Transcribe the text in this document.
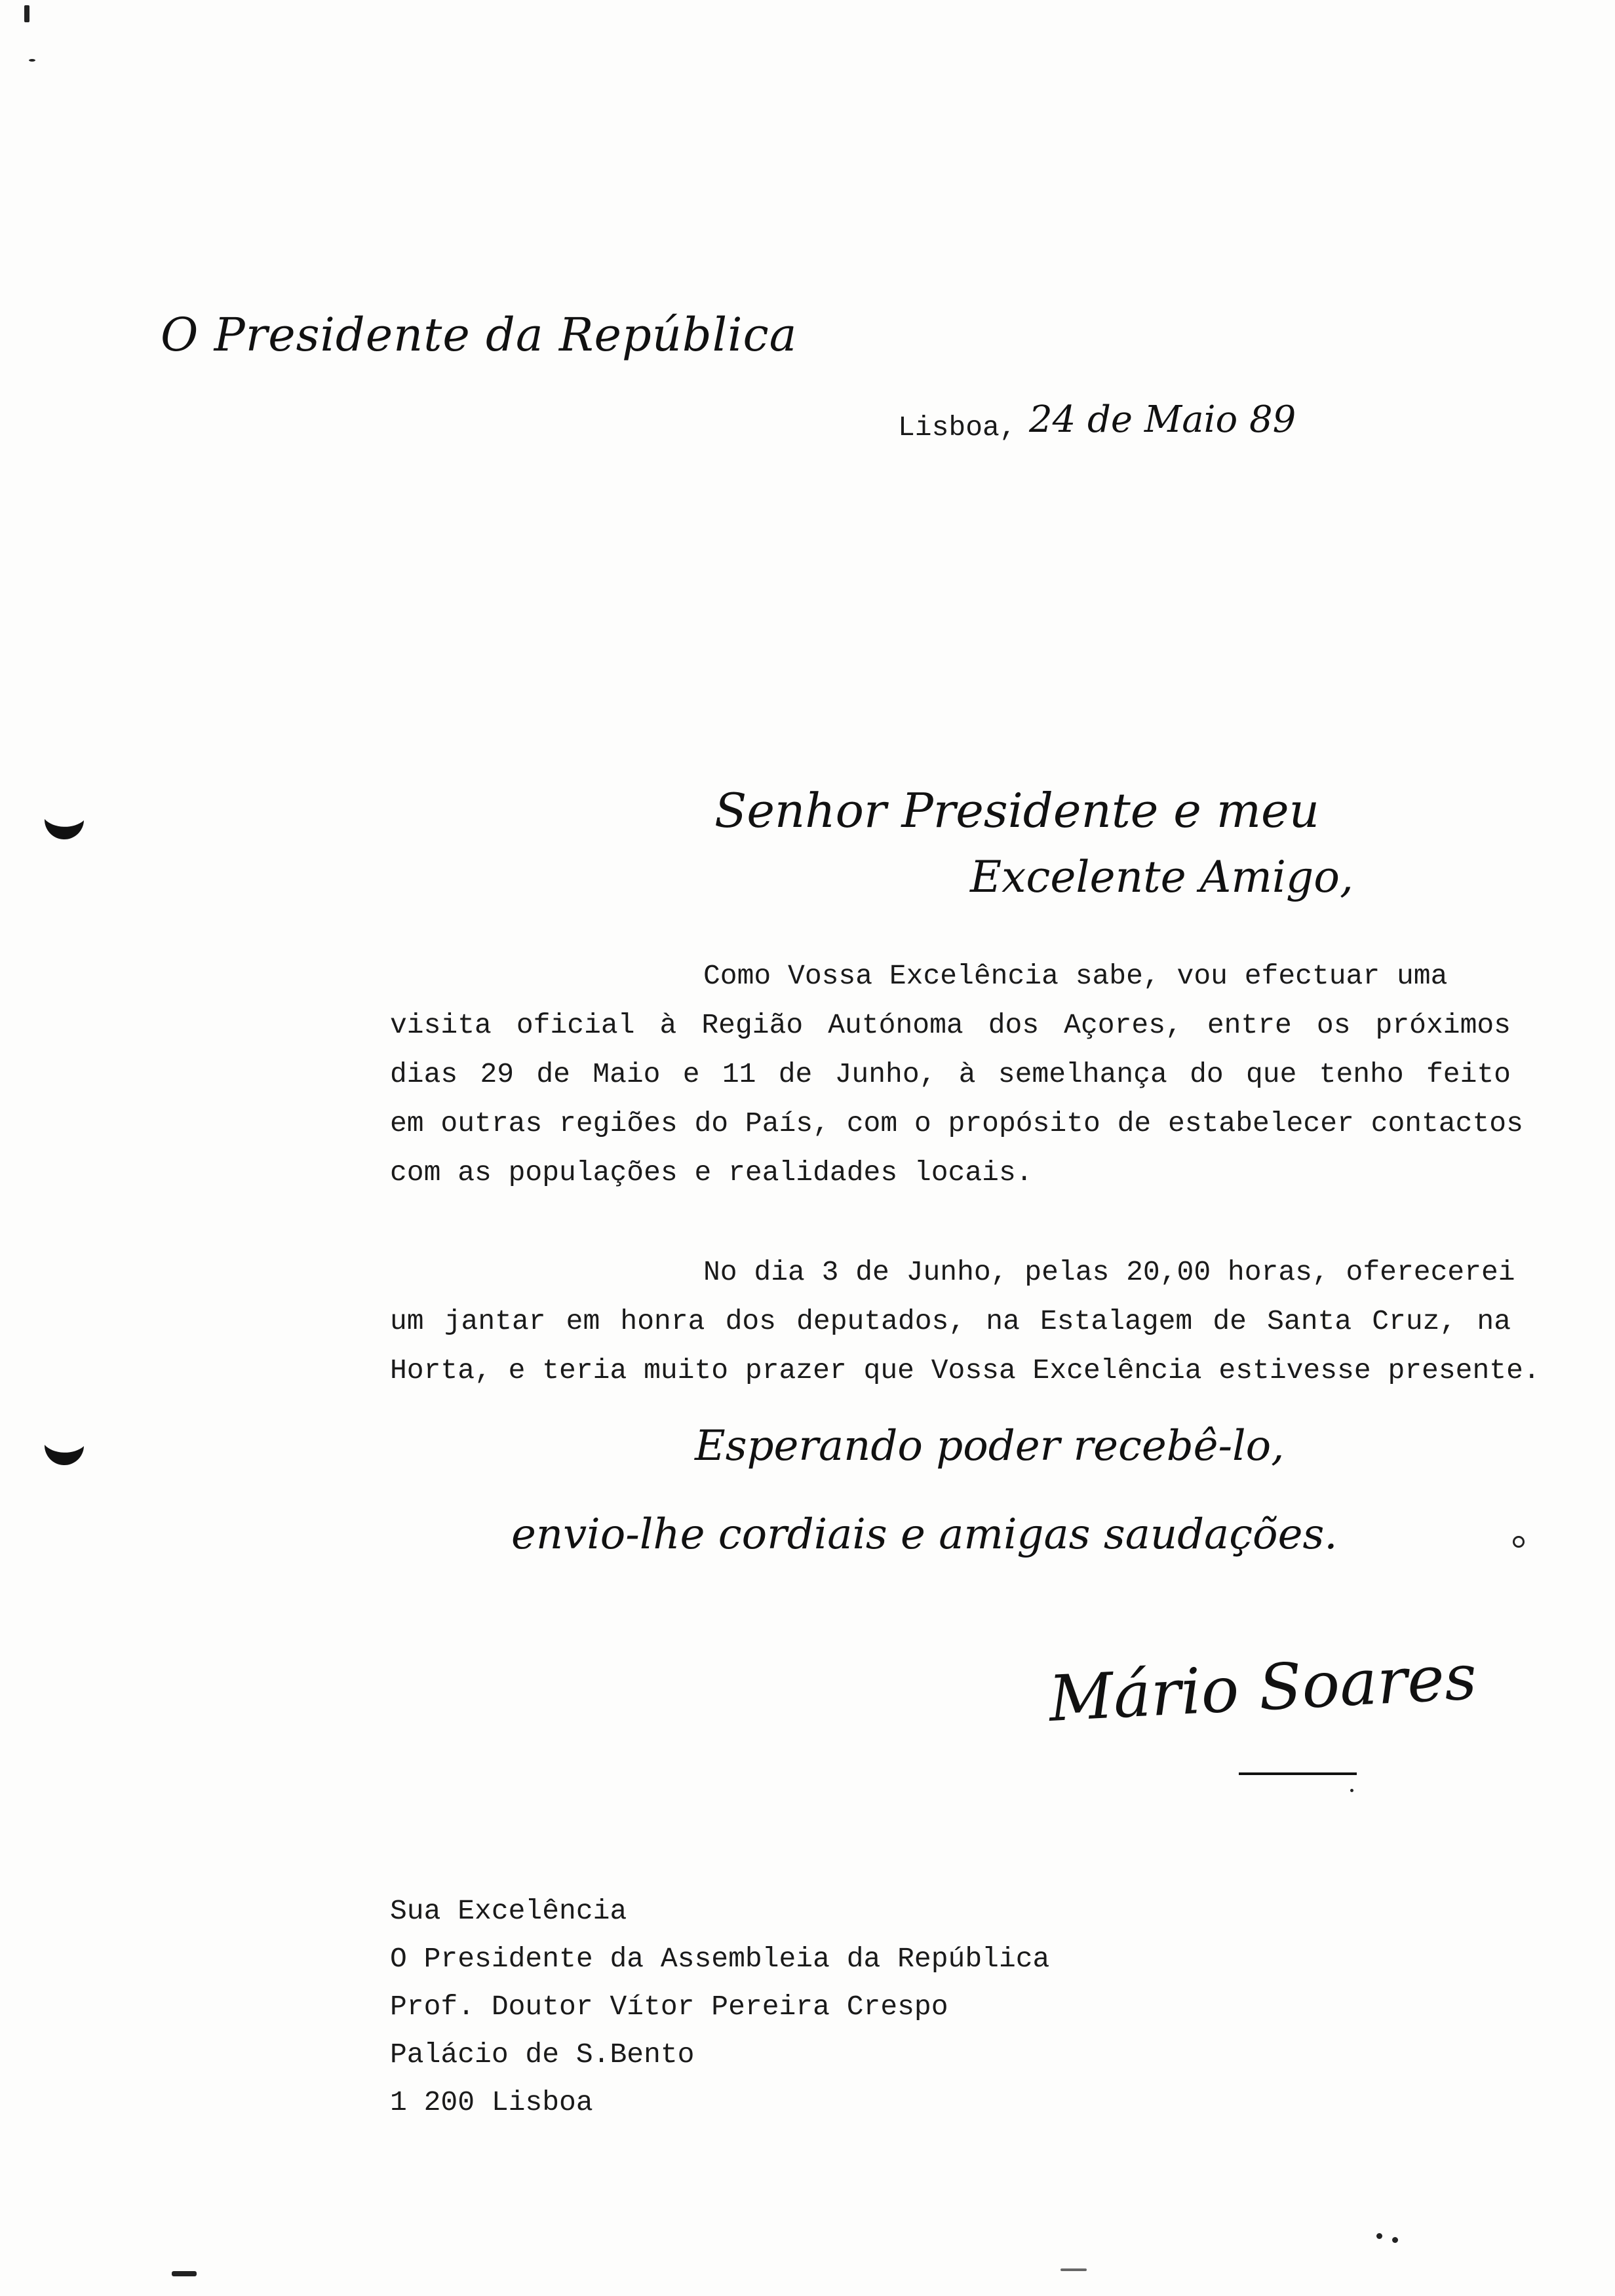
O Presidente da República
Lisboa, 24 de Maio 89
Senhor Presidente e meu
Excelente Amigo,
Como Vossa Excelência sabe, vou efectuar uma
visita oficial à Região Autónoma dos Açores, entre os próximos
dias 29 de Maio e 11 de Junho, à semelhança do que tenho feito
em outras regiões do País, com o propósito de estabelecer contactos
com as populações e realidades locais.
No dia 3 de Junho, pelas 20,00 horas, oferecerei
um jantar em honra dos deputados, na Estalagem de Santa Cruz, na
Horta, e teria muito prazer que Vossa Excelência estivesse presente.
Esperando poder recebê-lo,
envio-lhe cordiais e amigas saudações.
Mário Soares
Sua Excelência
O Presidente da Assembleia da República
Prof. Doutor Vítor Pereira Crespo
Palácio de S.Bento
1 200 Lisboa
